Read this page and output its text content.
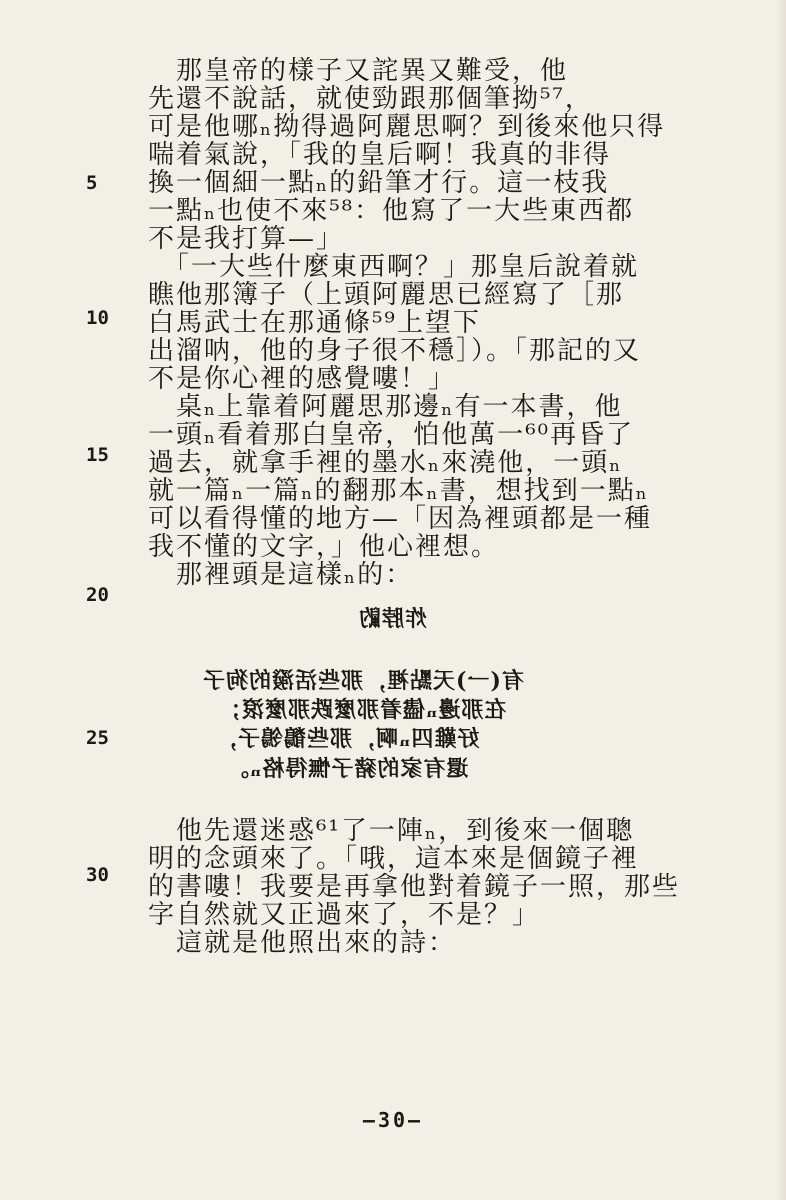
5
10
15
20
25
30
　那皇帝的樣子又詫異又難受，他
先還不說話，就使勁跟那個筆拗⁵⁷，
可是他哪ₙ拗得過阿麗思啊？到後來他只得
喘着氣說，「我的皇后啊！我真的非得
換一個細一點ₙ的鉛筆才行。這一枝我
一點ₙ也使不來⁵⁸：他寫了一大些東西都
不是我打算—」
　「一大些什麼東西啊？」那皇后說着就
瞧他那簿子（上頭阿麗思已經寫了［那
白馬武士在那通條⁵⁹上望下
出溜呐，他的身子很不穩］）。「那記的又
不是你心裡的感覺嘍！」
　桌ₙ上靠着阿麗思那邊ₙ有一本書，他
一頭ₙ看着那白皇帝，怕他萬一⁶⁰再昏了
過去，就拿手裡的墨水ₙ來澆他，一頭ₙ
就一篇ₙ一篇ₙ的翻那本ₙ書，想找到一點ₙ
可以看得懂的地方—「因為裡頭都是一種
我不懂的文字，」他心裡想。
　那裡頭是這樣ₙ的：
炸脖䶂
有(一)天點裡，那些活潑的狗子
在那邊ₙ儘着那麼跌那麼滾；
好難四ₙ啊，那些鶺鴒子，
還有家的豬子憮得格ₙ。
　他先還迷惑⁶¹了一陣ₙ，到後來一個聰
明的念頭來了。「哦，這本來是個鏡子裡
的書嘍！我要是再拿他對着鏡子一照，那些
字自然就又正過來了，不是？」
　這就是他照出來的詩：
—30—
